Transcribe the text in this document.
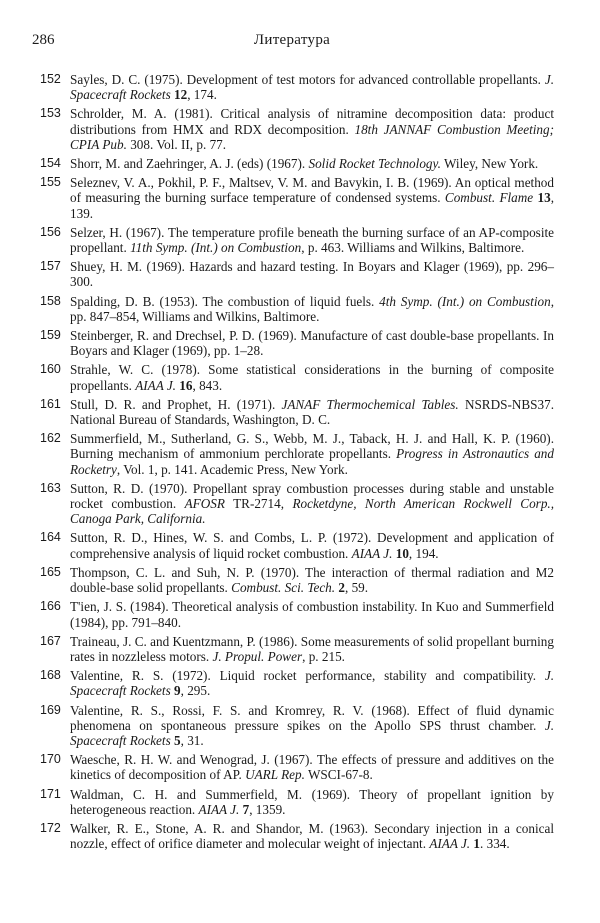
286	Литература
152 Sayles, D. C. (1975). Development of test motors for advanced controllable propellants. J. Spacecraft Rockets 12, 174.
153 Schrolder, M. A. (1981). Critical analysis of nitramine decomposition data: product distributions from HMX and RDX decomposition. 18th JANNAF Combustion Meeting; CPIA Pub. 308. Vol. II, p. 77.
154 Shorr, M. and Zaehringer, A. J. (eds) (1967). Solid Rocket Technology. Wiley, New York.
155 Seleznev, V. A., Pokhil, P. F., Maltsev, V. M. and Bavykin, I. B. (1969). An optical method of measuring the burning surface temperature of condensed systems. Combust. Flame 13, 139.
156 Selzer, H. (1967). The temperature profile beneath the burning surface of an AP-composite propellant. 11th Symp. (Int.) on Combustion, p. 463. Williams and Wilkins, Baltimore.
157 Shuey, H. M. (1969). Hazards and hazard testing. In Boyars and Klager (1969), pp. 296–300.
158 Spalding, D. B. (1953). The combustion of liquid fuels. 4th Symp. (Int.) on Combustion, pp. 847–854, Williams and Wilkins, Baltimore.
159 Steinberger, R. and Drechsel, P. D. (1969). Manufacture of cast double-base propellants. In Boyars and Klager (1969), pp. 1–28.
160 Strahle, W. C. (1978). Some statistical considerations in the burning of composite propellants. AIAA J. 16, 843.
161 Stull, D. R. and Prophet, H. (1971). JANAF Thermochemical Tables. NSRDS-NBS37. National Bureau of Standards, Washington, D. C.
162 Summerfield, M., Sutherland, G. S., Webb, M. J., Taback, H. J. and Hall, K. P. (1960). Burning mechanism of ammonium perchlorate propellants. Progress in Astronautics and Rocketry, Vol. 1, p. 141. Academic Press, New York.
163 Sutton, R. D. (1970). Propellant spray combustion processes during stable and unstable rocket combustion. AFOSR TR-2714, Rocketdyne, North American Rockwell Corp., Canoga Park, California.
164 Sutton, R. D., Hines, W. S. and Combs, L. P. (1972). Development and application of comprehensive analysis of liquid rocket combustion. AIAA J. 10, 194.
165 Thompson, C. L. and Suh, N. P. (1970). The interaction of thermal radiation and M2 double-base solid propellants. Combust. Sci. Tech. 2, 59.
166 T'ien, J. S. (1984). Theoretical analysis of combustion instability. In Kuo and Summerfield (1984), pp. 791–840.
167 Traineau, J. C. and Kuentzmann, P. (1986). Some measurements of solid propellant burning rates in nozzleless motors. J. Propul. Power, p. 215.
168 Valentine, R. S. (1972). Liquid rocket performance, stability and compatibility. J. Spacecraft Rockets 9, 295.
169 Valentine, R. S., Rossi, F. S. and Kromrey, R. V. (1968). Effect of fluid dynamic phenomena on spontaneous pressure spikes on the Apollo SPS thrust chamber. J. Spacecraft Rockets 5, 31.
170 Waesche, R. H. W. and Wenograd, J. (1967). The effects of pressure and additives on the kinetics of decomposition of AP. UARL Rep. WSCI-67-8.
171 Waldman, C. H. and Summerfield, M. (1969). Theory of propellant ignition by heterogeneous reaction. AIAA J. 7, 1359.
172 Walker, R. E., Stone, A. R. and Shandor, M. (1963). Secondary injection in a conical nozzle, effect of orifice diameter and molecular weight of injectant. AIAA J. 1. 334.
